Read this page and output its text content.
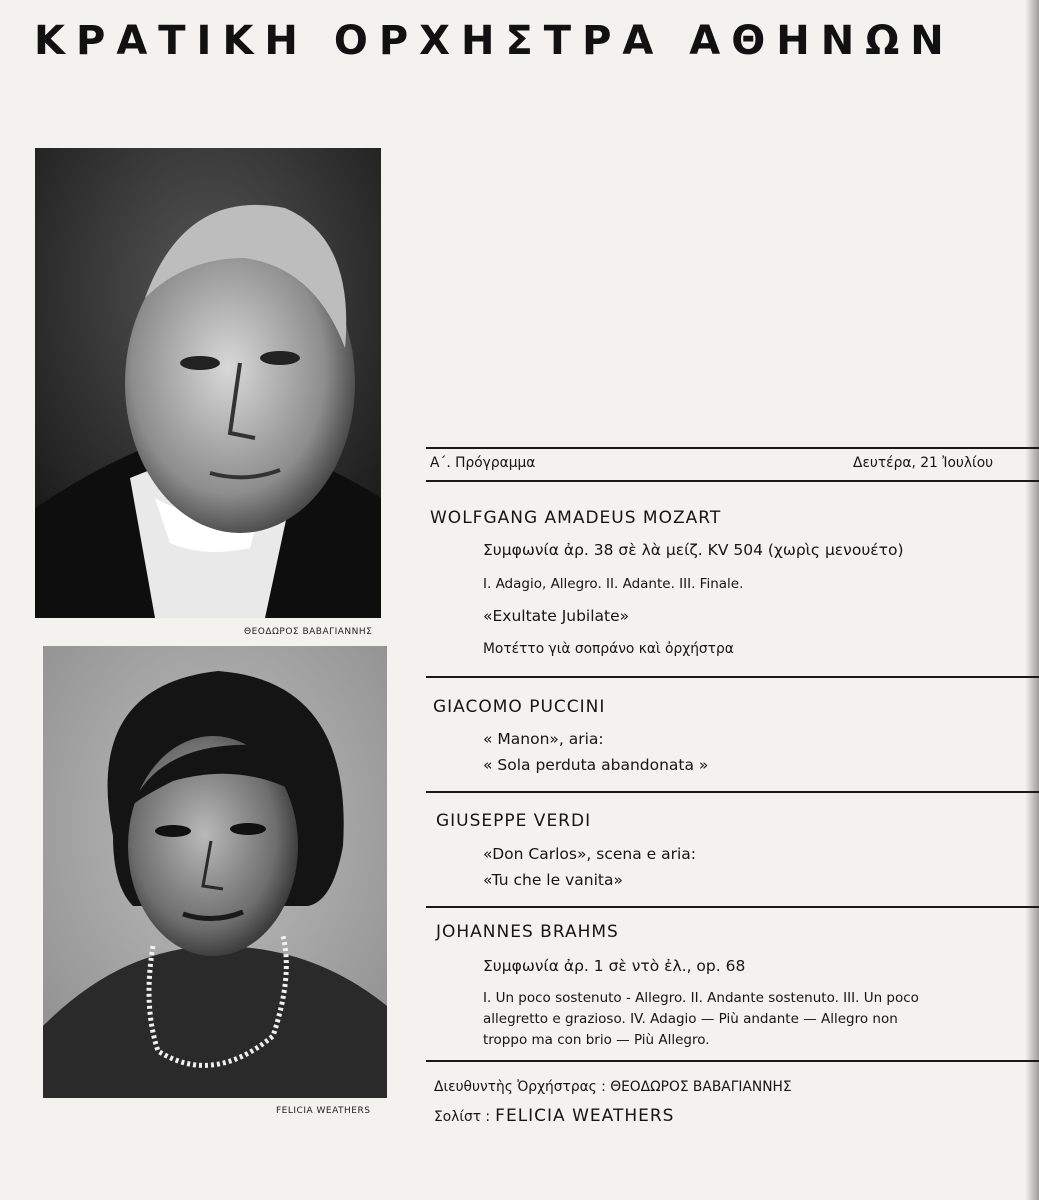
ΚΡΑΤΙΚΗ ΟΡΧΗΣΤΡΑ ΑΘΗΝΩΝ
ΘΕΟΔΩΡΟΣ ΒΑΒΑΓΙΑΝΝΗΣ
FELICIA WEATHERS
Α΄. Πρόγραμμα	Δευτέρα, 21 Ἰουλίου
WOLFGANG AMADEUS MOZART
Συμφωνία ἀρ. 38 σὲ λὰ μείζ. KV 504 (χωρὶς μενουέτο)
I. Adagio, Allegro. II. Adante. III. Finale.
«Exultate Jubilate»
Μοτέττο γιὰ σοπράνο καὶ ὀρχήστρα
GIACOMO PUCCINI
« Manon», aria:
« Sola perduta abandonata »
GIUSEPPE VERDI
«Don Carlos», scena e aria:
«Tu che le vanita»
JOHANNES BRAHMS
Συμφωνία ἀρ. 1 σὲ ντὸ ἐλ., op. 68
I. Un poco sostenuto - Allegro. II. Andante sostenuto. III. Un poco
allegretto e grazioso. IV. Adagio — Più andante — Allegro non
troppo ma con brio — Più Allegro.
Διευθυντὴς Ὀρχήστρας : ΘΕΟΔΩΡΟΣ ΒΑΒΑΓΙΑΝΝΗΣ
Σολίστ : FELICIA WEATHERS
